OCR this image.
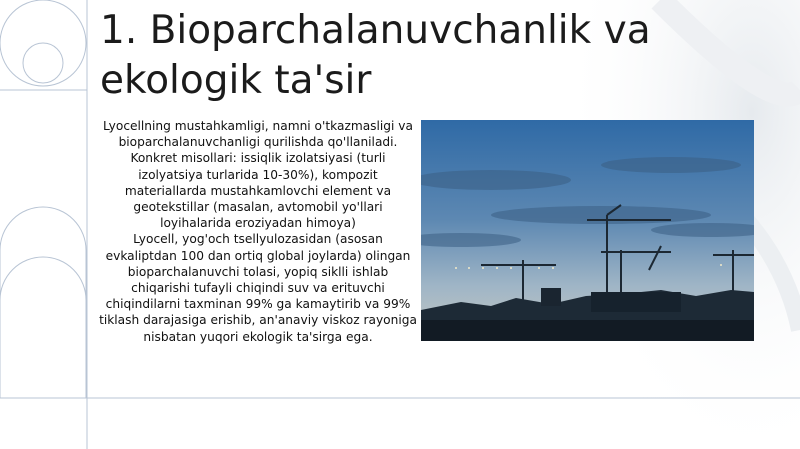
1. Bioparchalanuvchanlik va ekologik ta'sir

Lyocellning mustahkamligi, namni o'tkazmasligi va bioparchalanuvchanligi qurilishda qo'llaniladi. Konkret misollari: issiqlik izolatsiyasi (turli izolyatsiya turlarida 10-30%), kompozit materiallarda mustahkamlovchi element va geotekstillar (masalan, avtomobil yo'llari loyihalarida eroziyadan himoya)

Lyocell, yog'och tsellyulozasidan (asosan evkaliptdan 100 dan ortiq global joylarda) olingan bioparchalanuvchi tolasi, yopiq siklli ishlab chiqarishi tufayli chiqindi suv va erituvchi chiqindilarni taxminan 99% ga kamaytirib va 99% tiklash darajasiga erishib, an'anaviy viskoz rayoniga nisbatan yuqori ekologik ta'sirga ega.
